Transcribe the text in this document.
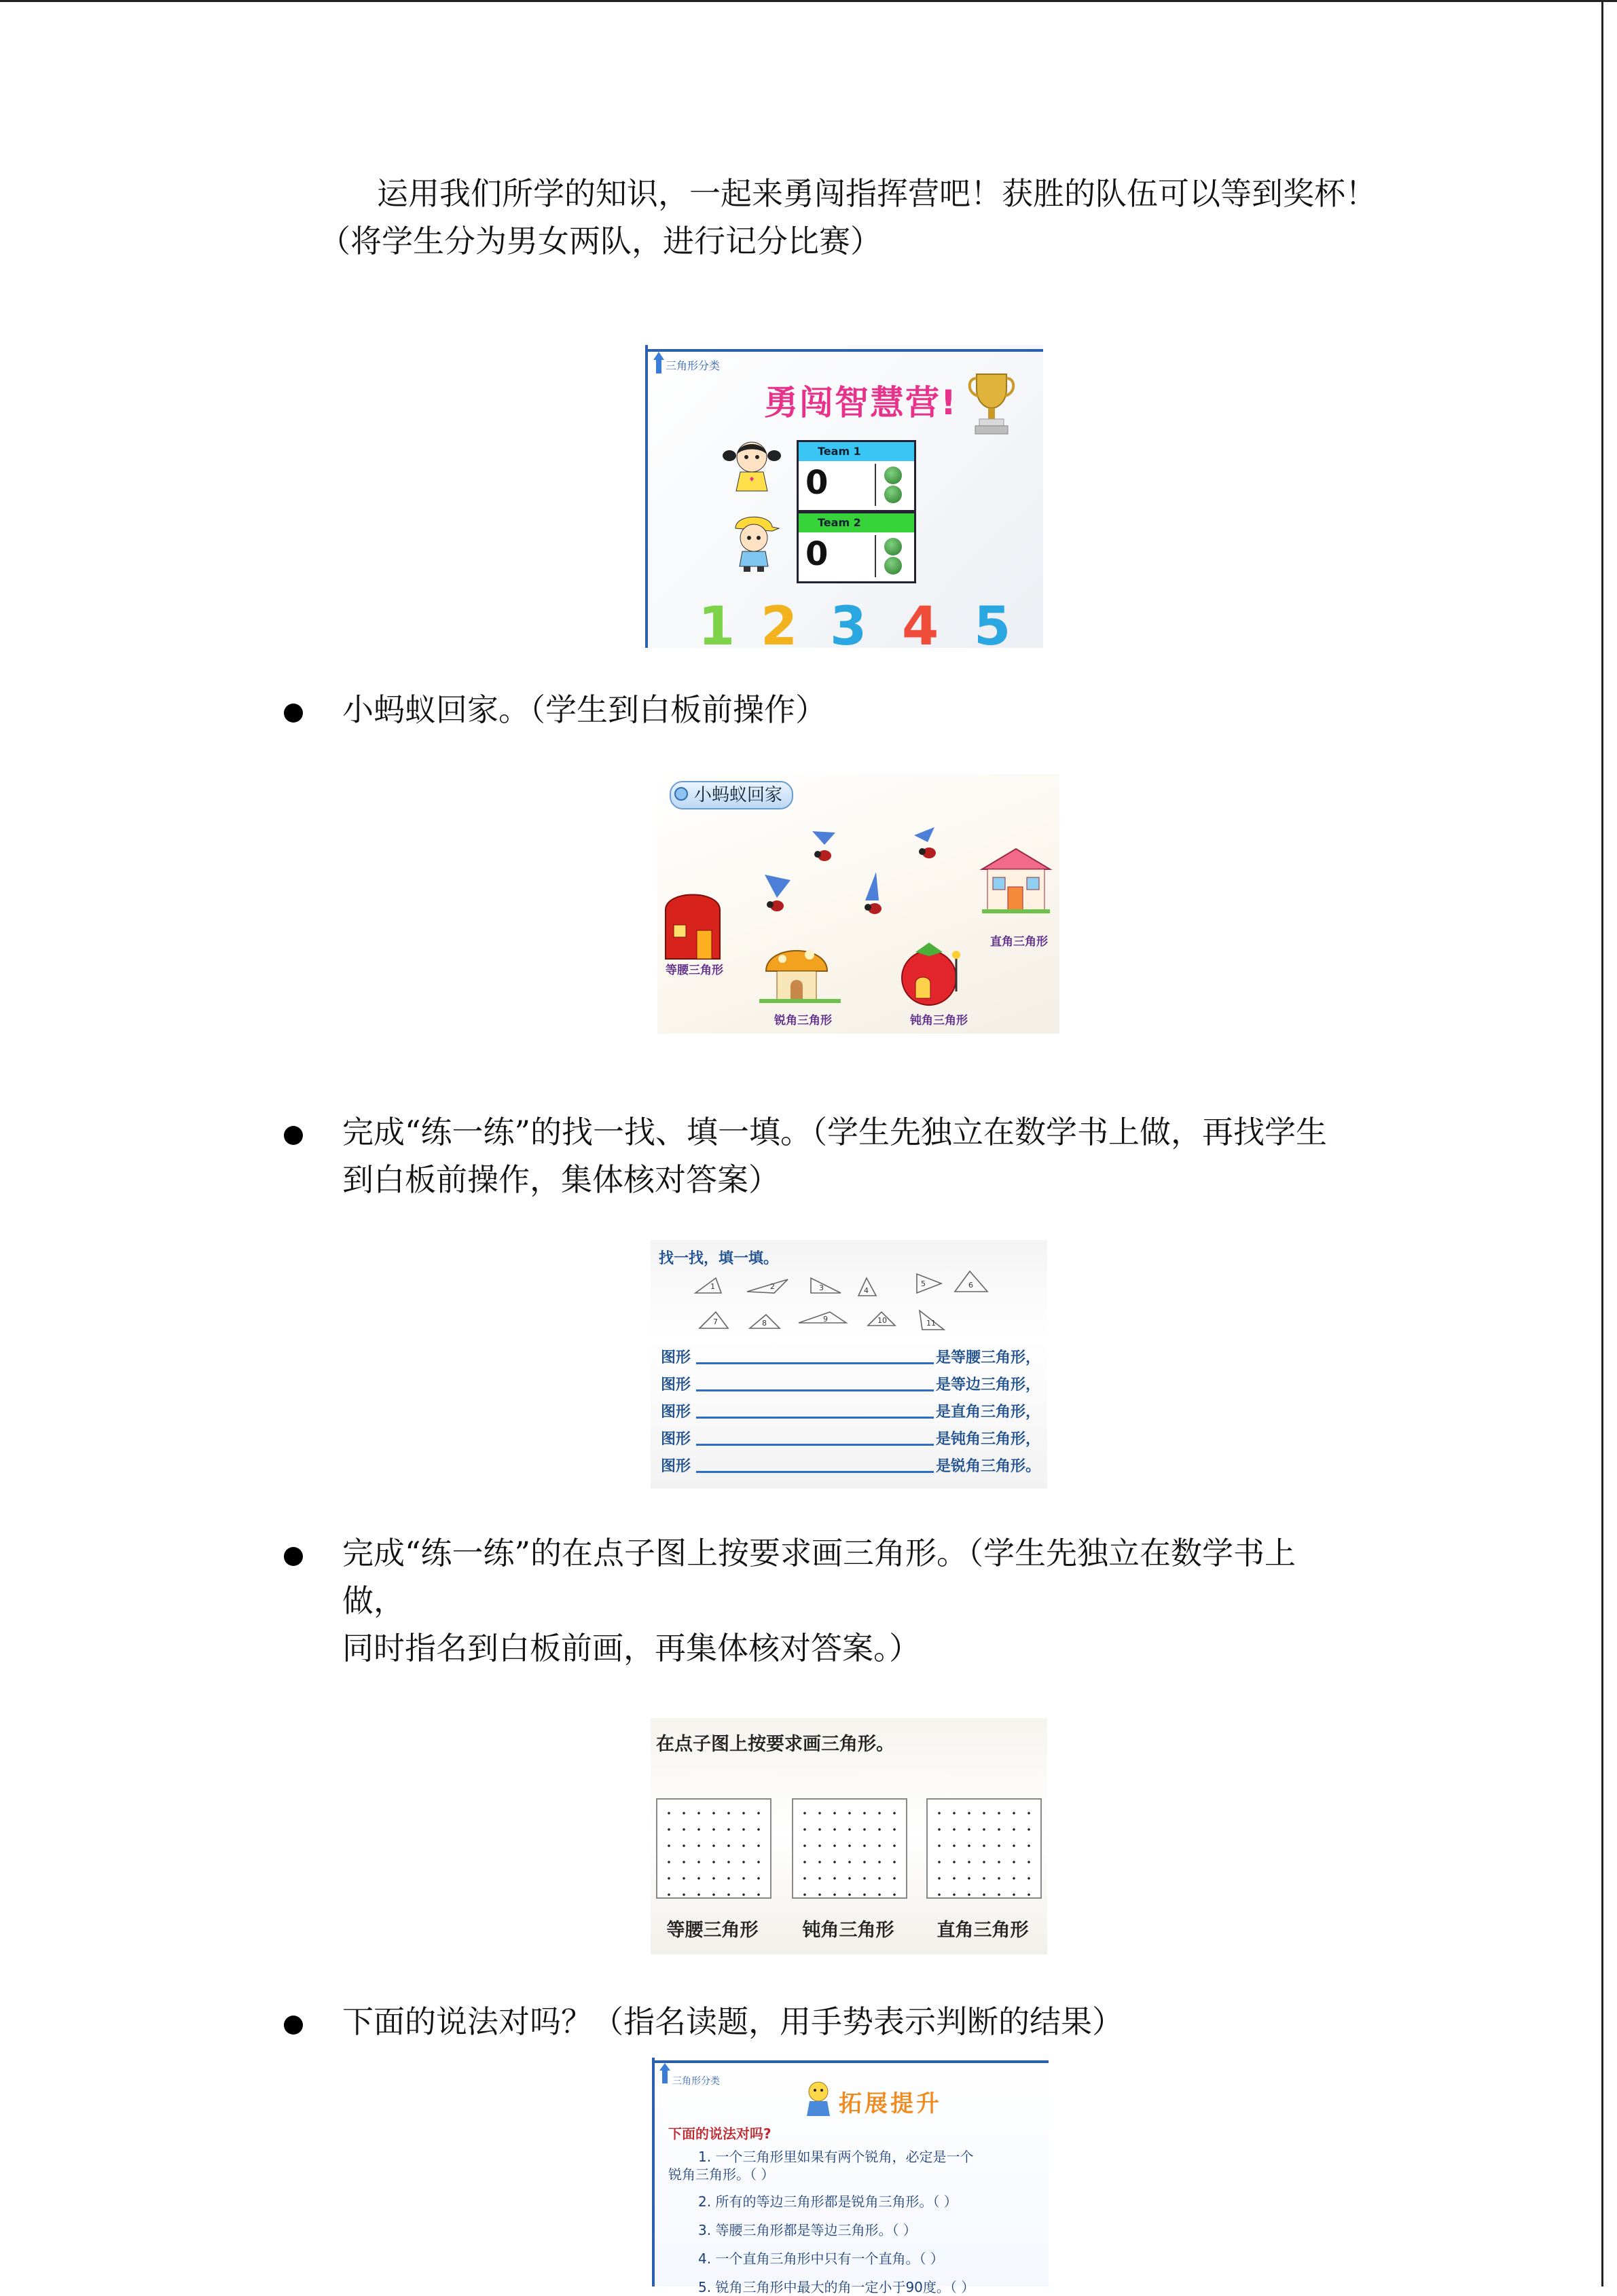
运用我们所学的知识，一起来勇闯指挥营吧！获胜的队伍可以等到奖杯！

（将学生分为男女两队，进行记分比赛）

三角形分类
勇闯智慧营!
Team 1
0
Team 2
0
1 2 3 4 5
小蚂蚁回家。（学生到白板前操作）
小蚂蚁回家
等腰三角形
锐角三角形	钝角三角形
直角三角形
完成“练一练”的找一找、填一填。（学生先独立在数学书上做，再找学生
到白板前操作，集体核对答案）
找一找，填一填。
1	2	3	4
5	6
7	8	9	10	11
图形	是等腰三角形，
图形	是等边三角形，
图形	是直角三角形，
图形	是钝角三角形，
图形	是锐角三角形。
完成“练一练”的在点子图上按要求画三角形。（学生先独立在数学书上
做，
同时指名到白板前画，再集体核对答案。）
在点子图上按要求画三角形。
等腰三角形	钝角三角形	直角三角形
下面的说法对吗？（指名读题，用手势表示判断的结果）
三角形分类
拓展提升
下面的说法对吗?
1. 一个三角形里如果有两个锐角，必定是一个
锐角三角形。（ ）
2. 所有的等边三角形都是锐角三角形。（ ）
3. 等腰三角形都是等边三角形。（ ）
4. 一个直角三角形中只有一个直角。（ ）
5. 锐角三角形中最大的角一定小于90度。（ ）
